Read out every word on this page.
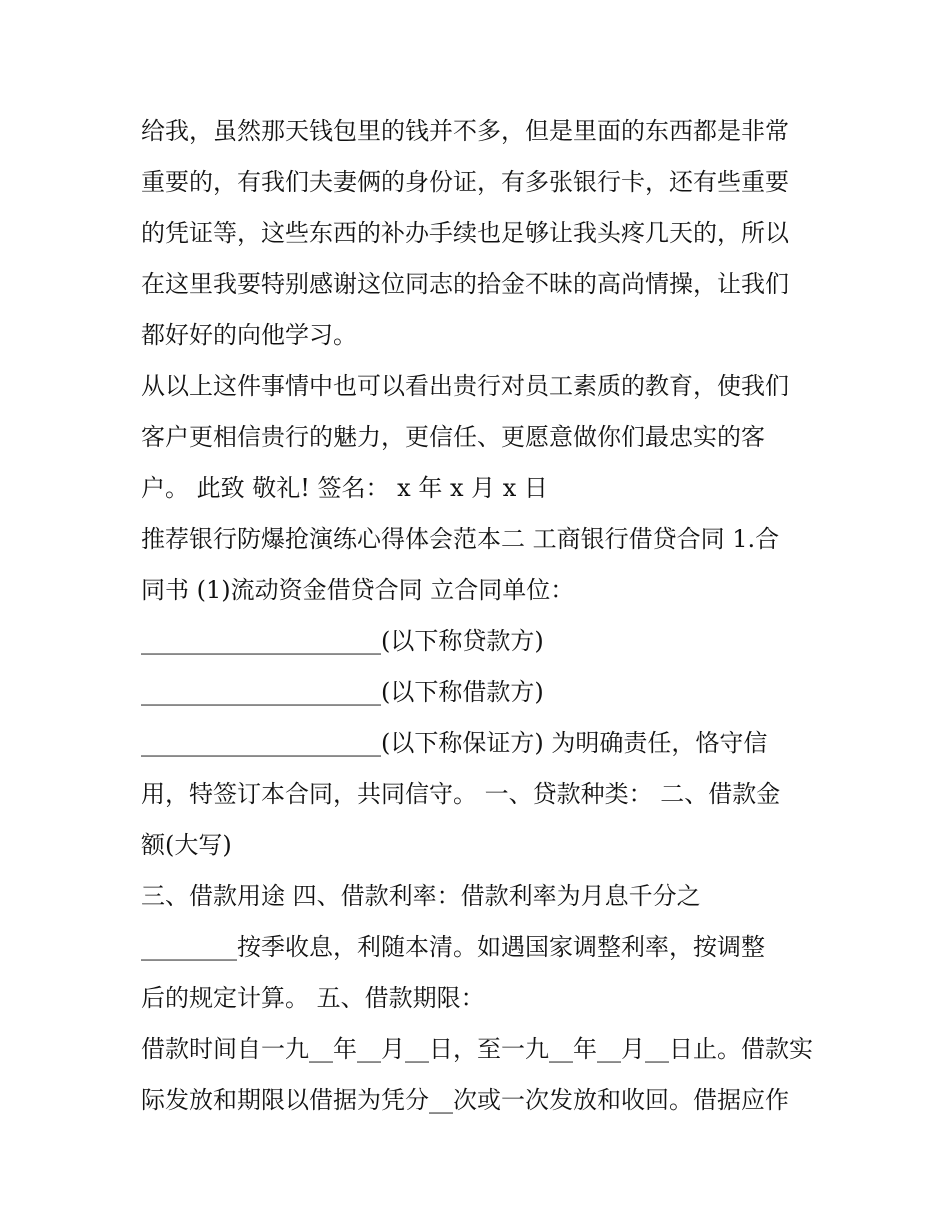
给我，虽然那天钱包里的钱并不多，但是里面的东西都是非常
重要的，有我们夫妻俩的身份证，有多张银行卡，还有些重要
的凭证等，这些东西的补办手续也足够让我头疼几天的，所以
在这里我要特别感谢这位同志的拾金不昧的高尚情操，让我们
都好好的向他学习。
从以上这件事情中也可以看出贵行对员工素质的教育，使我们
客户更相信贵行的魅力，更信任、更愿意做你们最忠实的客
户。 此致 敬礼! 签名： x 年 x 月 x 日
推荐银行防爆抢演练心得体会范本二 工商银行借贷合同 1.合
同书 (1)流动资金借贷合同 立合同单位：
____________________(以下称贷款方)
____________________(以下称借款方)
____________________(以下称保证方) 为明确责任，恪守信
用，特签订本合同，共同信守。 一、贷款种类： 二、借款金
额(大写)
三、借款用途 四、借款利率：借款利率为月息千分之
________按季收息，利随本清。如遇国家调整利率，按调整
后的规定计算。 五、借款期限：
借款时间自一九__年__月__日，至一九__年__月__日止。借款实
际发放和期限以借据为凭分__次或一次发放和收回。借据应作
